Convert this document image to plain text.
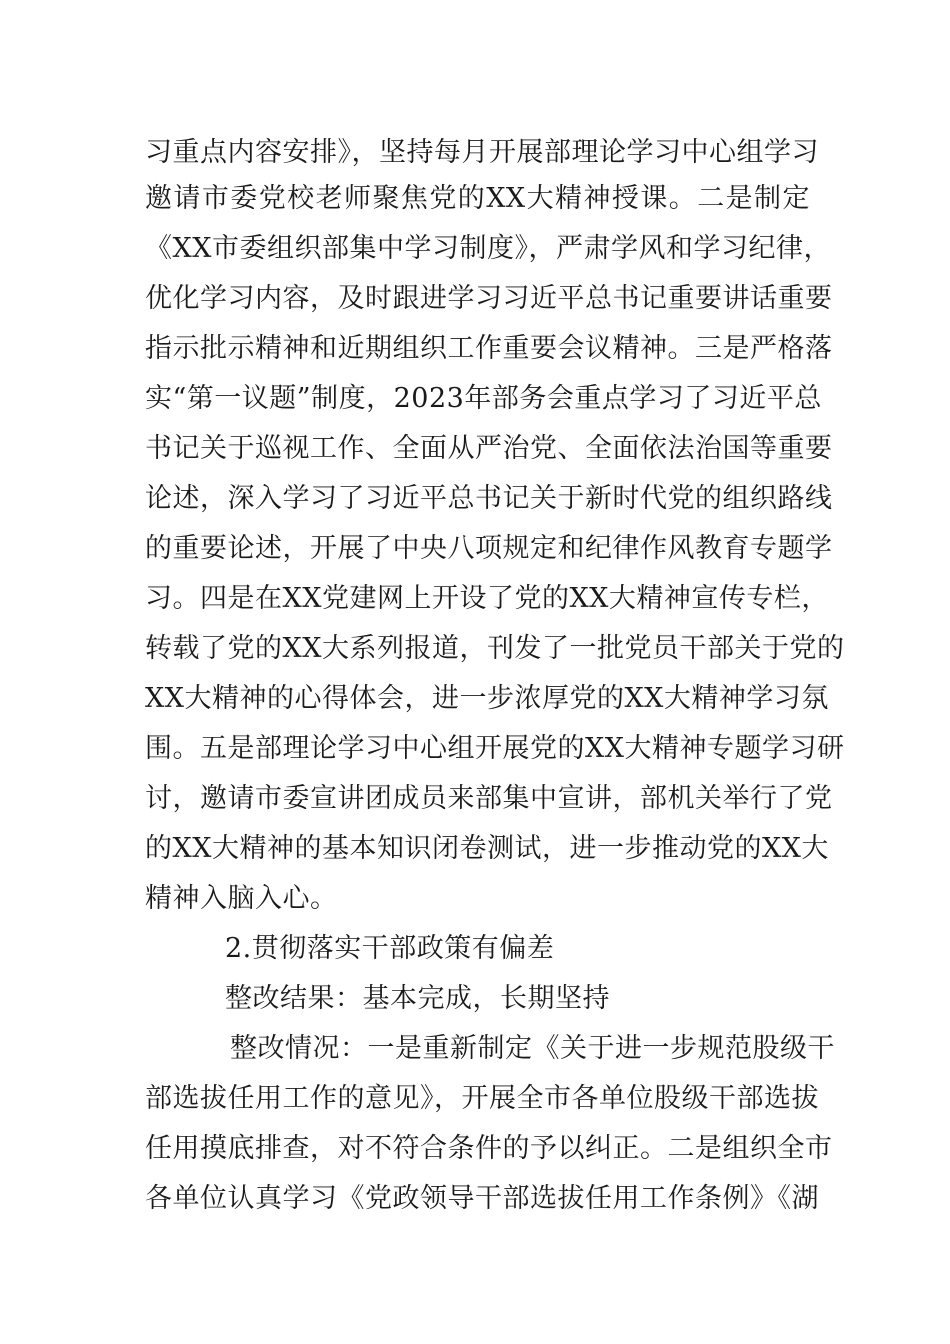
习重点内容安排》，坚持每月开展部理论学习中心组学习
邀请市委党校老师聚焦党的XX大精神授课。二是制定
《XX市委组织部集中学习制度》，严肃学风和学习纪律，
优化学习内容，及时跟进学习习近平总书记重要讲话重要
指示批示精神和近期组织工作重要会议精神。三是严格落
实“第一议题”制度，2023年部务会重点学习了习近平总
书记关于巡视工作、全面从严治党、全面依法治国等重要
论述，深入学习了习近平总书记关于新时代党的组织路线
的重要论述，开展了中央八项规定和纪律作风教育专题学
习。四是在XX党建网上开设了党的XX大精神宣传专栏，
转载了党的XX大系列报道，刊发了一批党员干部关于党的
XX大精神的心得体会，进一步浓厚党的XX大精神学习氛
围。五是部理论学习中心组开展党的XX大精神专题学习研
讨，邀请市委宣讲团成员来部集中宣讲，部机关举行了党
的XX大精神的基本知识闭卷测试，进一步推动党的XX大
精神入脑入心。
2.贯彻落实干部政策有偏差
整改结果：基本完成，长期坚持
整改情况：一是重新制定《关于进一步规范股级干
部选拔任用工作的意见》，开展全市各单位股级干部选拔
任用摸底排查，对不符合条件的予以纠正。二是组织全市
各单位认真学习《党政领导干部选拔任用工作条例》《湖
